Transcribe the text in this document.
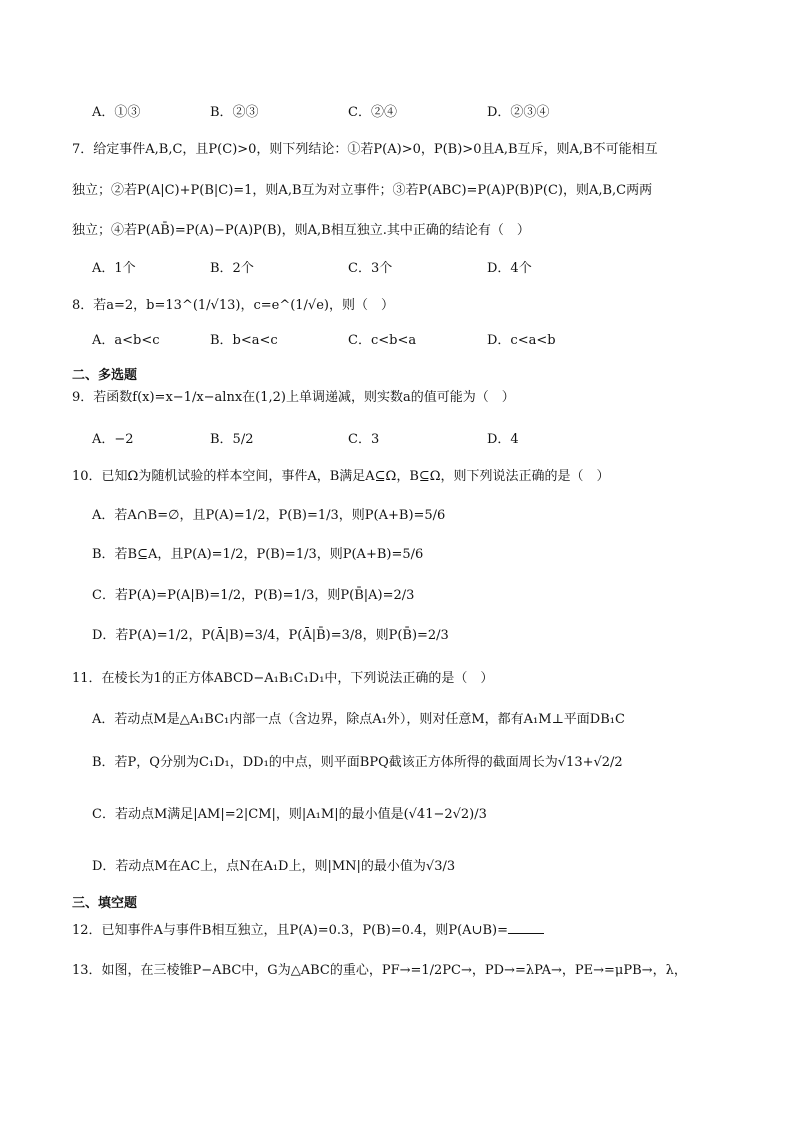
A．①③	B．②③	C．②④	D．②③④
7．给定事件A,B,C，且P(C)>0，则下列结论：①若P(A)>0，P(B)>0且A,B互斥，则A,B不可能相互
独立；②若P(A|C)+P(B|C)=1，则A,B互为对立事件；③若P(ABC)=P(A)P(B)P(C)，则A,B,C两两
独立；④若P(AB̄)=P(A)−P(A)P(B)，则A,B相互独立.其中正确的结论有（　）
A．1个	B．2个	C．3个	D．4个
8．若a=2，b=13^(1/√13)，c=e^(1/√e)，则（　）
A．a<b<c	B．b<a<c	C．c<b<a	D．c<a<b
二、多选题
9．若函数f(x)=x−1/x−alnx在(1,2)上单调递减，则实数a的值可能为（　）
A．−2	B．5/2	C．3	D．4
10．已知Ω为随机试验的样本空间，事件A，B满足A⊆Ω，B⊆Ω，则下列说法正确的是（　）
A．若A∩B=∅，且P(A)=1/2，P(B)=1/3，则P(A+B)=5/6
B．若B⊆A，且P(A)=1/2，P(B)=1/3，则P(A+B)=5/6
C．若P(A)=P(A|B)=1/2，P(B)=1/3，则P(B̄|A)=2/3
D．若P(A)=1/2，P(Ā|B)=3/4，P(Ā|B̄)=3/8，则P(B̄)=2/3
11．在棱长为1的正方体ABCD−A₁B₁C₁D₁中，下列说法正确的是（　）
A．若动点M是△A₁BC₁内部一点（含边界，除点A₁外），则对任意M，都有A₁M⊥平面DB₁C
B．若P，Q分别为C₁D₁，DD₁的中点，则平面BPQ截该正方体所得的截面周长为√13+√2/2
C．若动点M满足|AM|=2|CM|，则|A₁M|的最小值是(√41−2√2)/3
D．若动点M在AC上，点N在A₁D上，则|MN|的最小值为√3/3
三、填空题
12．已知事件A与事件B相互独立，且P(A)=0.3，P(B)=0.4，则P(A∪B)=
13．如图，在三棱锥P−ABC中，G为△ABC的重心，PF→=1/2PC→，PD→=λPA→，PE→=μPB→，λ，
